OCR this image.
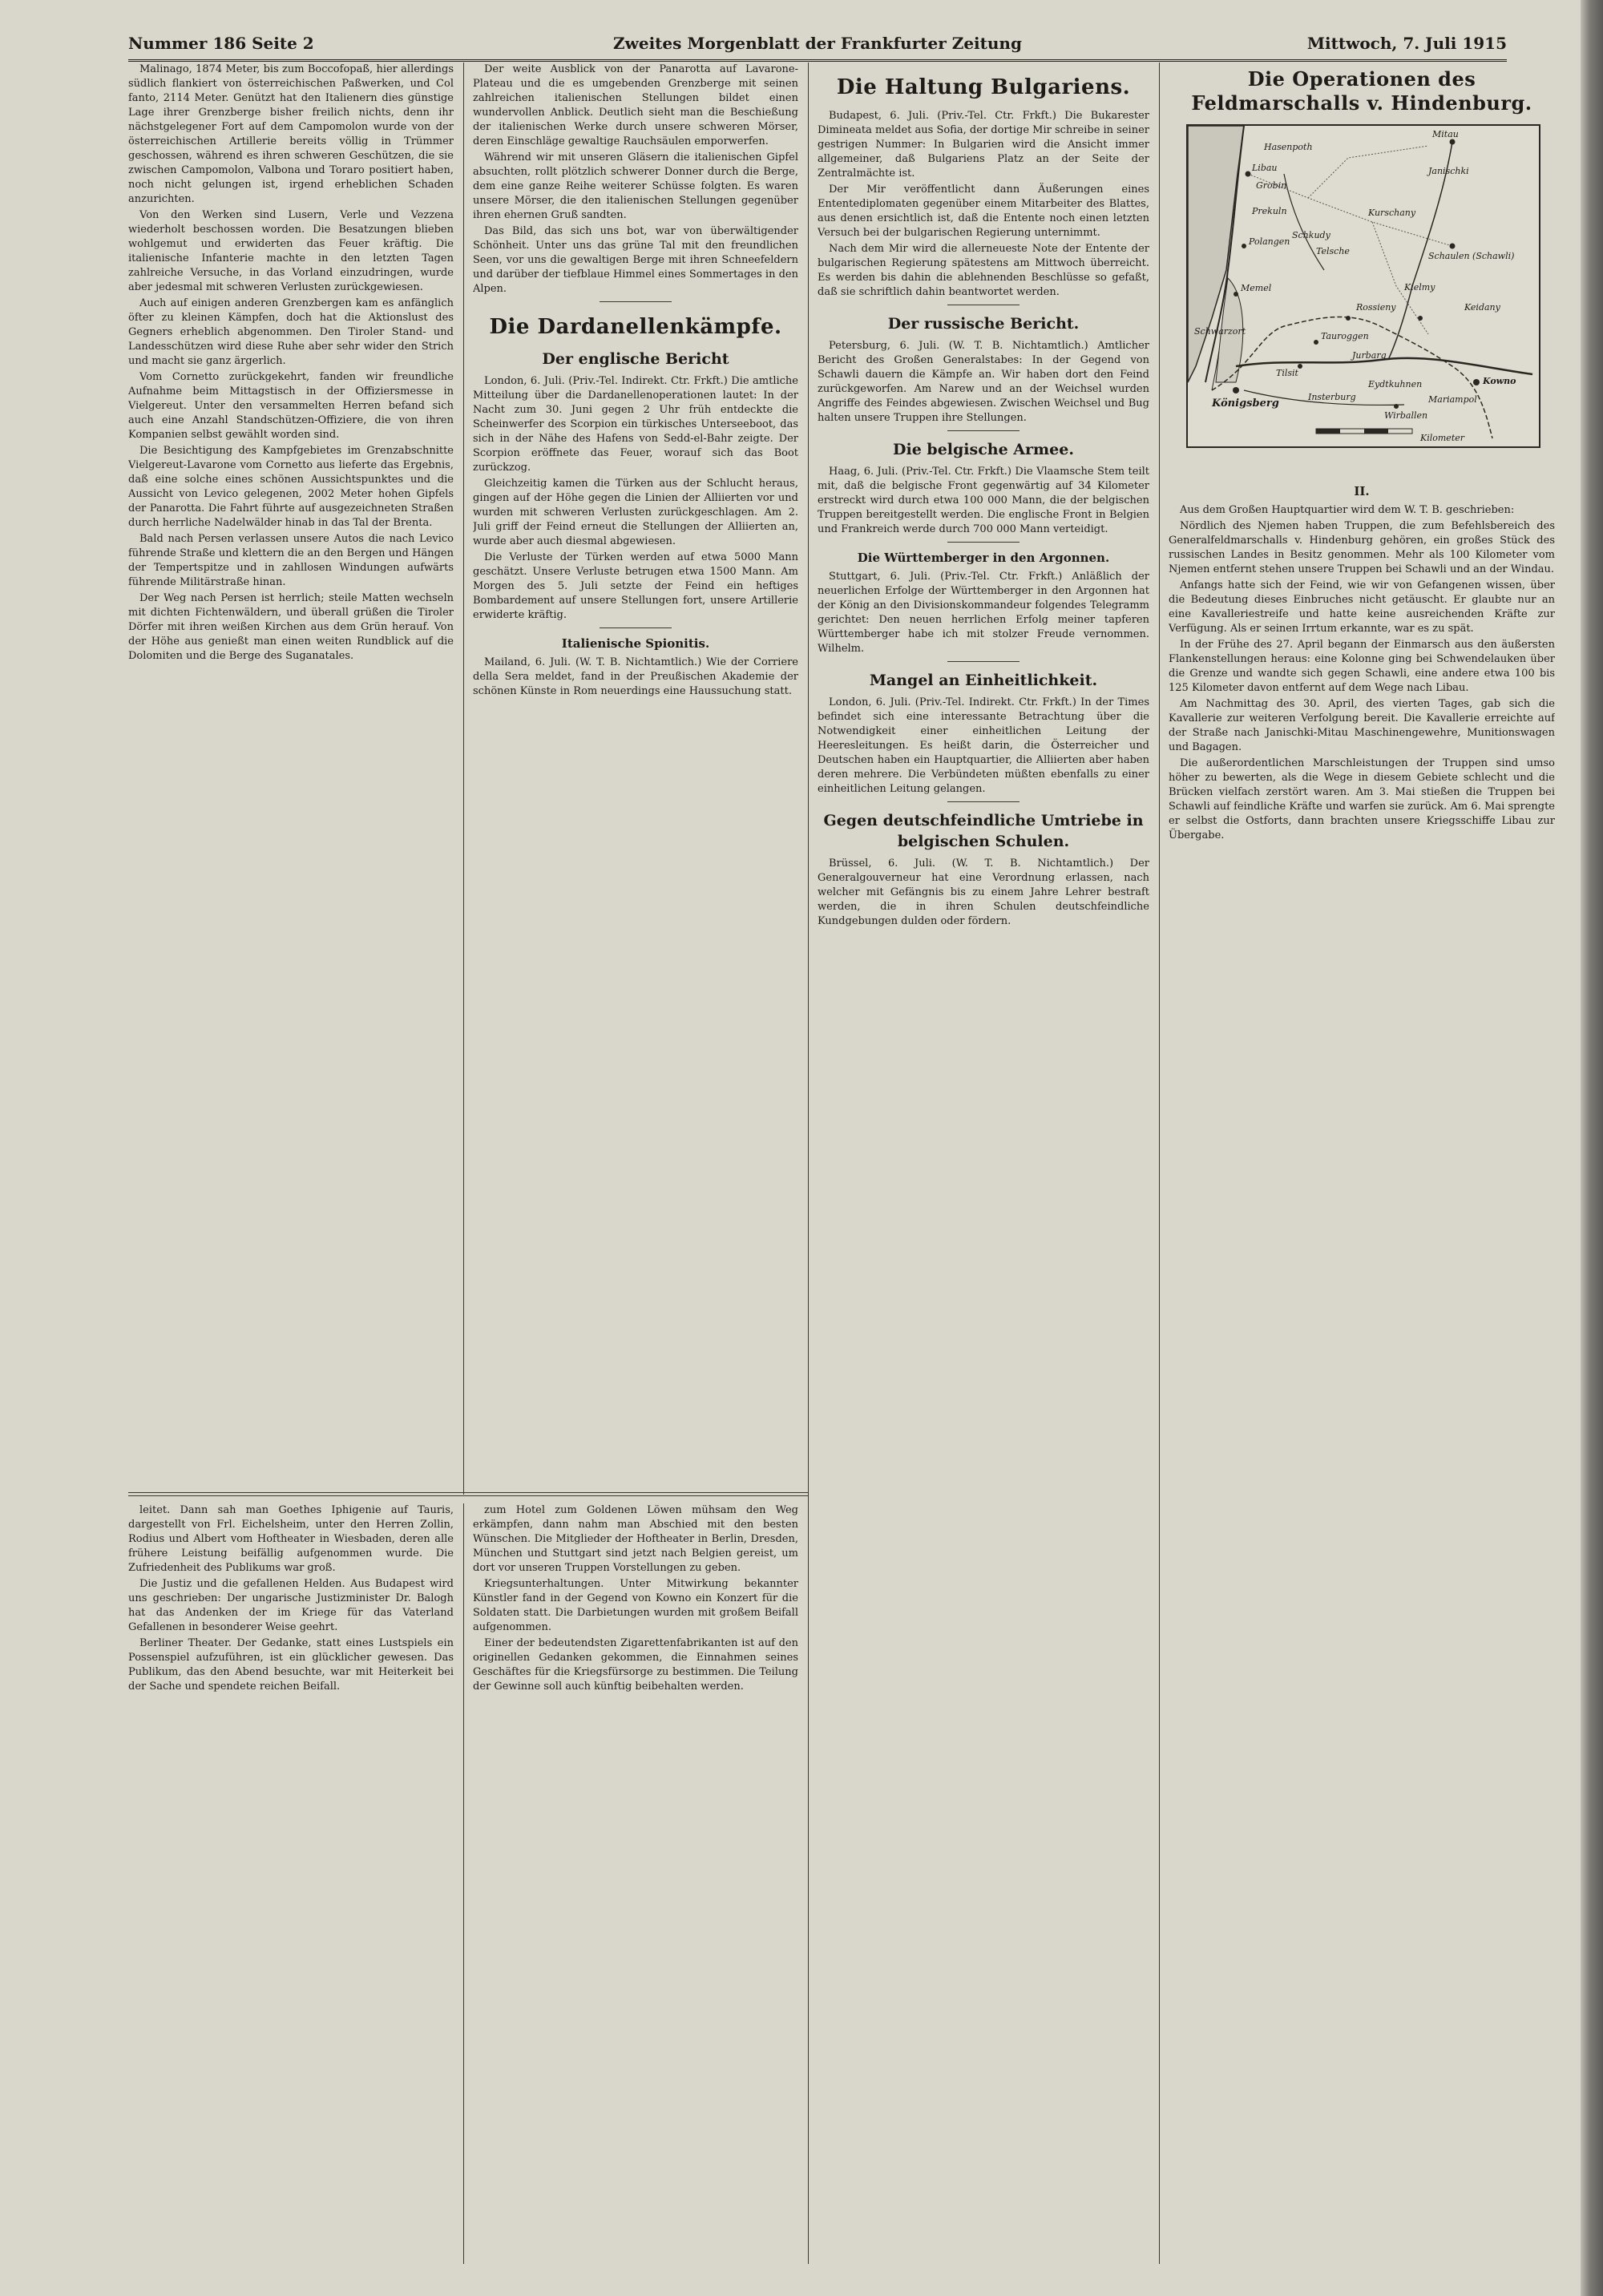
Nummer 186 Seite 2	Zweites Morgenblatt der Frankfurter Zeitung	Mittwoch, 7. Juli 1915

Malinago, 1874 Meter, bis zum Boccofopaß, hier allerdings südlich flankiert von österreichischen Paßwerken, und Col fanto, 2114 Meter. Genützt hat den Italienern dies günstige Lage ihrer Grenzberge bisher freilich nichts, denn ihr nächstgelegener Fort auf dem Campomolon wurde von der österreichischen Artillerie bereits völlig in Trümmer geschossen, während es ihren schweren Geschützen, die sie zwischen Campomolon, Valbona und Toraro positiert haben, noch nicht gelungen ist, irgend erheblichen Schaden anzurichten.

Von den Werken sind Lusern, Verle und Vezzena wiederholt beschossen worden. Die Besatzungen blieben wohlgemut und erwiderten das Feuer kräftig. Die italienische Infanterie machte in den letzten Tagen zahlreiche Versuche, in das Vorland einzudringen, wurde aber jedesmal mit schweren Verlusten zurückgewiesen.

Auch auf einigen anderen Grenzbergen kam es anfänglich öfter zu kleinen Kämpfen, doch hat die Aktionslust des Gegners erheblich abgenommen. Den Tiroler Stand- und Landesschützen wird diese Ruhe aber sehr wider den Strich und macht sie ganz ärgerlich.

Vom Cornetto zurückgekehrt, fanden wir freundliche Aufnahme beim Mittagstisch in der Offiziersmesse in Vielgereut. Unter den versammelten Herren befand sich auch eine Anzahl Standschützen-Offiziere, die von ihren Kompanien selbst gewählt worden sind.

Die Besichtigung des Kampfgebietes im Grenzabschnitte Vielgereut-Lavarone vom Cornetto aus lieferte das Ergebnis, daß eine solche eines schönen Aussichtspunktes und die Aussicht von Levico gelegenen, 2002 Meter hohen Gipfels der Panarotta. Die Fahrt führte auf ausgezeichneten Straßen durch herrliche Nadelwälder hinab in das Tal der Brenta.

Bald nach Persen verlassen unsere Autos die nach Levico führende Straße und klettern die an den Bergen und Hängen der Tempertspitze und in zahllosen Windungen aufwärts führende Militärstraße hinan.

Der Weg nach Persen ist herrlich; steile Matten wechseln mit dichten Fichtenwäldern, und überall grüßen die Tiroler Dörfer mit ihren weißen Kirchen aus dem Grün herauf. Von der Höhe aus genießt man einen weiten Rundblick auf die Dolomiten und die Berge des Suganatales.

Der weite Ausblick von der Panarotta auf Lavarone-Plateau und die es umgebenden Grenzberge mit seinen zahlreichen italienischen Stellungen bildet einen wundervollen Anblick. Deutlich sieht man die Beschießung der italienischen Werke durch unsere schweren Mörser, deren Einschläge gewaltige Rauchsäulen emporwerfen.

Während wir mit unseren Gläsern die italienischen Gipfel absuchten, rollt plötzlich schwerer Donner durch die Berge, dem eine ganze Reihe weiterer Schüsse folgten. Es waren unsere Mörser, die den italienischen Stellungen gegenüber ihren ehernen Gruß sandten.

Das Bild, das sich uns bot, war von überwältigender Schönheit. Unter uns das grüne Tal mit den freundlichen Seen, vor uns die gewaltigen Berge mit ihren Schneefeldern und darüber der tiefblaue Himmel eines Sommertages in den Alpen.

Die Dardanellenkämpfe.
Der englische Bericht

London, 6. Juli. (Priv.-Tel. Indirekt. Ctr. Frkft.) Die amtliche Mitteilung über die Dardanellenoperationen lautet: In der Nacht zum 30. Juni gegen 2 Uhr früh entdeckte die Scheinwerfer des Scorpion ein türkisches Unterseeboot, das sich in der Nähe des Hafens von Sedd-el-Bahr zeigte. Der Scorpion eröffnete das Feuer, worauf sich das Boot zurückzog.

Gleichzeitig kamen die Türken aus der Schlucht heraus, gingen auf der Höhe gegen die Linien der Alliierten vor und wurden mit schweren Verlusten zurückgeschlagen. Am 2. Juli griff der Feind erneut die Stellungen der Alliierten an, wurde aber auch diesmal abgewiesen.

Die Verluste der Türken werden auf etwa 5000 Mann geschätzt. Unsere Verluste betrugen etwa 1500 Mann. Am Morgen des 5. Juli setzte der Feind ein heftiges Bombardement auf unsere Stellungen fort, unsere Artillerie erwiderte kräftig.

Italienische Spionitis.

Mailand, 6. Juli. (W. T. B. Nichtamtlich.) Wie der Corriere della Sera meldet, fand in der Preußischen Akademie der schönen Künste in Rom neuerdings eine Haussuchung statt.

Die Haltung Bulgariens.

Budapest, 6. Juli. (Priv.-Tel. Ctr. Frkft.) Die Bukarester Dimineata meldet aus Sofia, der dortige Mir schreibe in seiner gestrigen Nummer: In Bulgarien wird die Ansicht immer allgemeiner, daß Bulgariens Platz an der Seite der Zentralmächte ist.

Der Mir veröffentlicht dann Äußerungen eines Ententediplomaten gegenüber einem Mitarbeiter des Blattes, aus denen ersichtlich ist, daß die Entente noch einen letzten Versuch bei der bulgarischen Regierung unternimmt.

Nach dem Mir wird die allerneueste Note der Entente der bulgarischen Regierung spätestens am Mittwoch überreicht. Es werden bis dahin die ablehnenden Beschlüsse so gefaßt, daß sie schriftlich dahin beantwortet werden.

Der russische Bericht.

Petersburg, 6. Juli. (W. T. B. Nichtamtlich.) Amtlicher Bericht des Großen Generalstabes: In der Gegend von Schawli dauern die Kämpfe an. Wir haben dort den Feind zurückgeworfen. Am Narew und an der Weichsel wurden Angriffe des Feindes abgewiesen. Zwischen Weichsel und Bug halten unsere Truppen ihre Stellungen.

Die belgische Armee.

Haag, 6. Juli. (Priv.-Tel. Ctr. Frkft.) Die Vlaamsche Stem teilt mit, daß die belgische Front gegenwärtig auf 34 Kilometer erstreckt wird durch etwa 100 000 Mann, die der belgischen Truppen bereitgestellt werden. Die englische Front in Belgien und Frankreich werde durch 700 000 Mann verteidigt.

Die Württemberger in den Argonnen.

Stuttgart, 6. Juli. (Priv.-Tel. Ctr. Frkft.) Anläßlich der neuerlichen Erfolge der Württemberger in den Argonnen hat der König an den Divisionskommandeur folgendes Telegramm gerichtet: Den neuen herrlichen Erfolg meiner tapferen Württemberger habe ich mit stolzer Freude vernommen. Wilhelm.

Mangel an Einheitlichkeit.

London, 6. Juli. (Priv.-Tel. Indirekt. Ctr. Frkft.) In der Times befindet sich eine interessante Betrachtung über die Notwendigkeit einer einheitlichen Leitung der Heeresleitungen. Es heißt darin, die Österreicher und Deutschen haben ein Hauptquartier, die Alliierten aber haben deren mehrere. Die Verbündeten müßten ebenfalls zu einer einheitlichen Leitung gelangen.

Gegen deutschfeindliche Umtriebe in belgischen Schulen.

Brüssel, 6. Juli. (W. T. B. Nichtamtlich.) Der Generalgouverneur hat eine Verordnung erlassen, nach welcher mit Gefängnis bis zu einem Jahre Lehrer bestraft werden, die in ihren Schulen deutschfeindliche Kundgebungen dulden oder fördern.

Die Operationen des Feldmarschalls v. Hindenburg.
II.

Aus dem Großen Hauptquartier wird dem W. T. B. geschrieben:

Nördlich des Njemen haben Truppen, die zum Befehlsbereich des Generalfeldmarschalls v. Hindenburg gehören, ein großes Stück des russischen Landes in Besitz genommen. Mehr als 100 Kilometer vom Njemen entfernt stehen unsere Truppen bei Schawli und an der Windau.

Anfangs hatte sich der Feind, wie wir von Gefangenen wissen, über die Bedeutung dieses Einbruches nicht getäuscht. Er glaubte nur an eine Kavalleriestreife und hatte keine ausreichenden Kräfte zur Verfügung. Als er seinen Irrtum erkannte, war es zu spät.

In der Frühe des 27. April begann der Einmarsch aus den äußersten Flankenstellungen heraus: eine Kolonne ging bei Schwendelauken über die Grenze und wandte sich gegen Schawli, eine andere etwa 100 bis 125 Kilometer davon entfernt auf dem Wege nach Libau.

Am Nachmittag des 30. April, des vierten Tages, gab sich die Kavallerie zur weiteren Verfolgung bereit. Die Kavallerie erreichte auf der Straße nach Janischki-Mitau Maschinengewehre, Munitionswagen und Bagagen.

Die außerordentlichen Marschleistungen der Truppen sind umso höher zu bewerten, als die Wege in diesem Gebiete schlecht und die Brücken vielfach zerstört waren. Am 3. Mai stießen die Truppen bei Schawli auf feindliche Kräfte und warfen sie zurück. Am 6. Mai sprengte er selbst die Ostforts, dann brachten unsere Kriegsschiffe Libau zur Übergabe.

Libau
Mitau
Hasenpoth
Grobin
Prekuln
Schkudy
Polangen
Memel
Schaulen (Schawli)
Telsche
Kurschany
Janischki
Schwarzort	Tauroggen
Tilsit
Jurbarg
Königsberg
Insterburg
Eydtkuhnen	Kowno
Mariampol
Wirballen
Keidany
Rossieny
Kielmy
Kilometer

leitet. Dann sah man Goethes Iphigenie auf Tauris, dargestellt von Frl. Eichelsheim, unter den Herren Zollin, Rodius und Albert vom Hoftheater in Wiesbaden, deren alle frühere Leistung beifällig aufgenommen wurde. Die Zufriedenheit des Publikums war groß.

Die Justiz und die gefallenen Helden. Aus Budapest wird uns geschrieben: Der ungarische Justizminister Dr. Balogh hat das Andenken der im Kriege für das Vaterland Gefallenen in besonderer Weise geehrt.

Berliner Theater. Der Gedanke, statt eines Lustspiels ein Possenspiel aufzuführen, ist ein glücklicher gewesen. Das Publikum, das den Abend besuchte, war mit Heiterkeit bei der Sache und spendete reichen Beifall.

zum Hotel zum Goldenen Löwen mühsam den Weg erkämpfen, dann nahm man Abschied mit den besten Wünschen. Die Mitglieder der Hoftheater in Berlin, Dresden, München und Stuttgart sind jetzt nach Belgien gereist, um dort vor unseren Truppen Vorstellungen zu geben.

Kriegsunterhaltungen. Unter Mitwirkung bekannter Künstler fand in der Gegend von Kowno ein Konzert für die Soldaten statt. Die Darbietungen wurden mit großem Beifall aufgenommen.

Einer der bedeutendsten Zigarettenfabrikanten ist auf den originellen Gedanken gekommen, die Einnahmen seines Geschäftes für die Kriegsfürsorge zu bestimmen. Die Teilung der Gewinne soll auch künftig beibehalten werden.
